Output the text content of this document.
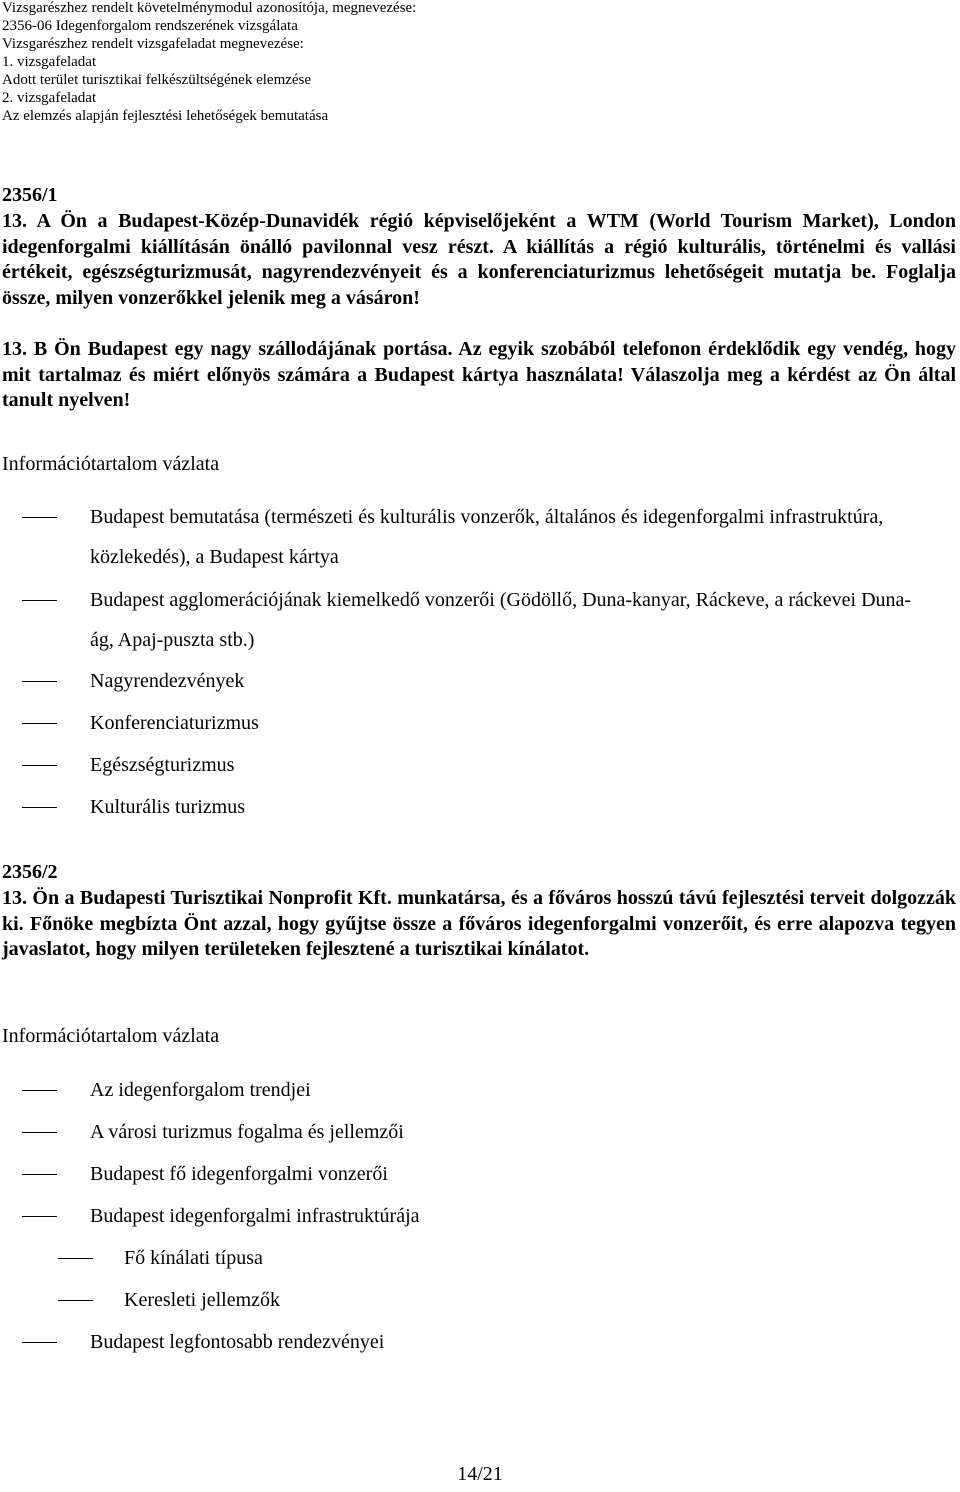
Vizsgarészhez rendelt követelménymodul azonosítója, megnevezése:
2356-06 Idegenforgalom rendszerének vizsgálata
Vizsgarészhez rendelt vizsgafeladat megnevezése:
1. vizsgafeladat
Adott terület turisztikai felkészültségének elemzése
2. vizsgafeladat
Az elemzés alapján fejlesztési lehetőségek bemutatása
2356/1
13. A Ön a Budapest-Közép-Dunavidék régió képviselőjeként a WTM (World Tourism Market), London idegenforgalmi kiállításán önálló pavilonnal vesz részt. A kiállítás a régió kulturális, történelmi és vallási értékeit, egészségturizmusát, nagyrendezvényeit és a konferenciaturizmus lehetőségeit mutatja be. Foglalja össze, milyen vonzerőkkel jelenik meg a vásáron!
13. B Ön Budapest egy nagy szállodájának portása. Az egyik szobából telefonon érdeklődik egy vendég, hogy mit tartalmaz és miért előnyös számára a Budapest kártya használata! Válaszolja meg a kérdést az Ön által tanult nyelven!
Információtartalom vázlata
Budapest bemutatása (természeti és kulturális vonzerők, általános és idegenforgalmi infrastruktúra, közlekedés), a Budapest kártya
Budapest agglomerációjának kiemelkedő vonzerői (Gödöllő, Duna-kanyar, Ráckeve, a ráckevei Duna-ág, Apaj-puszta stb.)
Nagyrendezvények
Konferenciaturizmus
Egészségturizmus
Kulturális turizmus
2356/2
13. Ön a Budapesti Turisztikai Nonprofit Kft. munkatársa, és a főváros hosszú távú fejlesztési terveit dolgozzák ki. Főnöke megbízta Önt azzal, hogy gyűjtse össze a főváros idegenforgalmi vonzerőit, és erre alapozva tegyen javaslatot, hogy milyen területeken fejlesztené a turisztikai kínálatot.
Információtartalom vázlata
Az idegenforgalom trendjei
A városi turizmus fogalma és jellemzői
Budapest fő idegenforgalmi vonzerői
Budapest idegenforgalmi infrastruktúrája
Fő kínálati típusa
Keresleti jellemzők
Budapest legfontosabb rendezvényei
14/21
